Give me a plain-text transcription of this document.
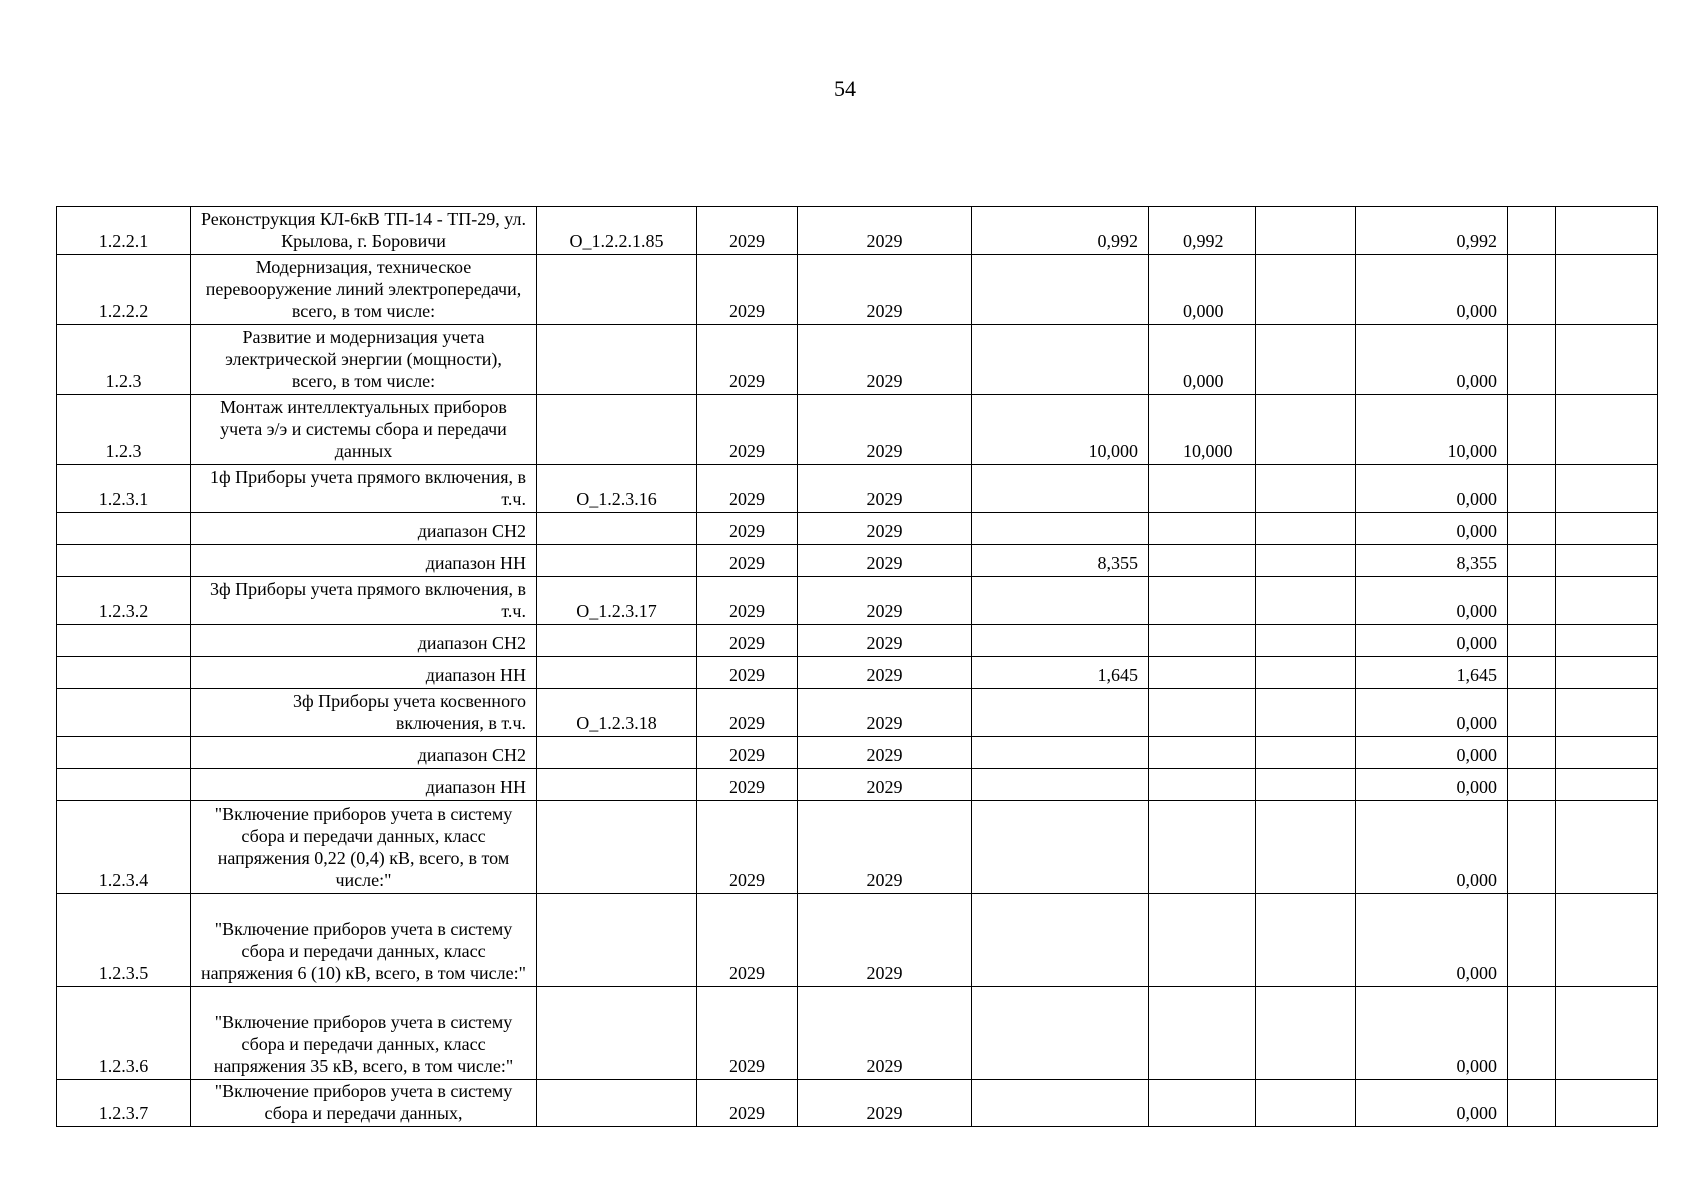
54
1.2.2.1	Реконструкция КЛ-6кВ ТП-14 - ТП-29, ул. Крылова, г. Боровичи	О_1.2.2.1.85	2029	2029	0,992	0,992		0,992		
1.2.2.2	Модернизация, техническое перевооружение линий электропередачи, всего, в том числе:		2029	2029		0,000		0,000		
1.2.3	Развитие и модернизация учета электрической энергии (мощности), всего, в том числе:		2029	2029		0,000		0,000		
1.2.3	Монтаж интеллектуальных приборов учета э/э и системы сбора и передачи данных		2029	2029	10,000	10,000		10,000		
1.2.3.1	1ф Приборы учета прямого включения, в т.ч.	О_1.2.3.16	2029	2029				0,000		
	диапазон СН2		2029	2029				0,000		
	диапазон НН		2029	2029	8,355			8,355		
1.2.3.2	3ф Приборы учета прямого включения, в т.ч.	О_1.2.3.17	2029	2029				0,000		
	диапазон СН2		2029	2029				0,000		
	диапазон НН		2029	2029	1,645			1,645		
	3ф Приборы учета косвенного включения, в т.ч.	О_1.2.3.18	2029	2029				0,000		
	диапазон СН2		2029	2029				0,000		
	диапазон НН		2029	2029				0,000		
1.2.3.4	"Включение приборов учета в систему сбора и передачи данных, класс напряжения 0,22 (0,4) кВ, всего, в том числе:"		2029	2029				0,000		
1.2.3.5	"Включение приборов учета в систему сбора и передачи данных, класс напряжения 6 (10) кВ, всего, в том числе:"		2029	2029				0,000		
1.2.3.6	"Включение приборов учета в систему сбора и передачи данных, класс напряжения 35 кВ, всего, в том числе:"		2029	2029				0,000		
1.2.3.7	"Включение приборов учета в систему сбора и передачи данных,		2029	2029				0,000		
